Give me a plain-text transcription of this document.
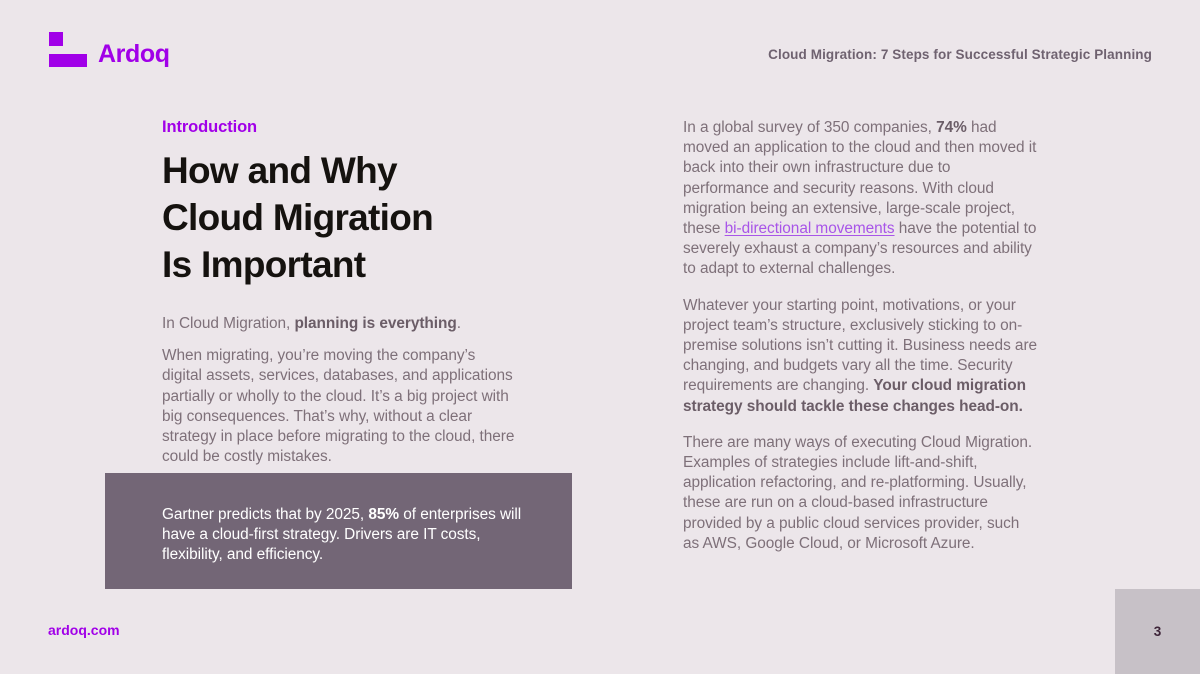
Ardoq	Cloud Migration: 7 Steps for Successful Strategic Planning

Introduction

How and Why
Cloud Migration
Is Important

In Cloud Migration, planning is everything.

When migrating, you’re moving the company’s digital assets, services, databases, and applications partially or wholly to the cloud. It’s a big project with big consequences. That’s why, without a clear strategy in place before migrating to the cloud, there could be costly mistakes.

Gartner predicts that by 2025, 85% of enterprises will have a cloud-first strategy. Drivers are IT costs, flexibility, and efficiency.

In a global survey of 350 companies, 74% had moved an application to the cloud and then moved it back into their own infrastructure due to performance and security reasons. With cloud migration being an extensive, large-scale project, these bi-directional movements have the potential to severely exhaust a company’s resources and ability to adapt to external challenges.

Whatever your starting point, motivations, or your project team’s structure, exclusively sticking to on-premise solutions isn’t cutting it. Business needs are changing, and budgets vary all the time. Security requirements are changing. Your cloud migration strategy should tackle these changes head-on.

There are many ways of executing Cloud Migration. Examples of strategies include lift-and-shift, application refactoring, and re-platforming. Usually, these are run on a cloud-based infrastructure provided by a public cloud services provider, such as AWS, Google Cloud, or Microsoft Azure.

ardoq.com	3
